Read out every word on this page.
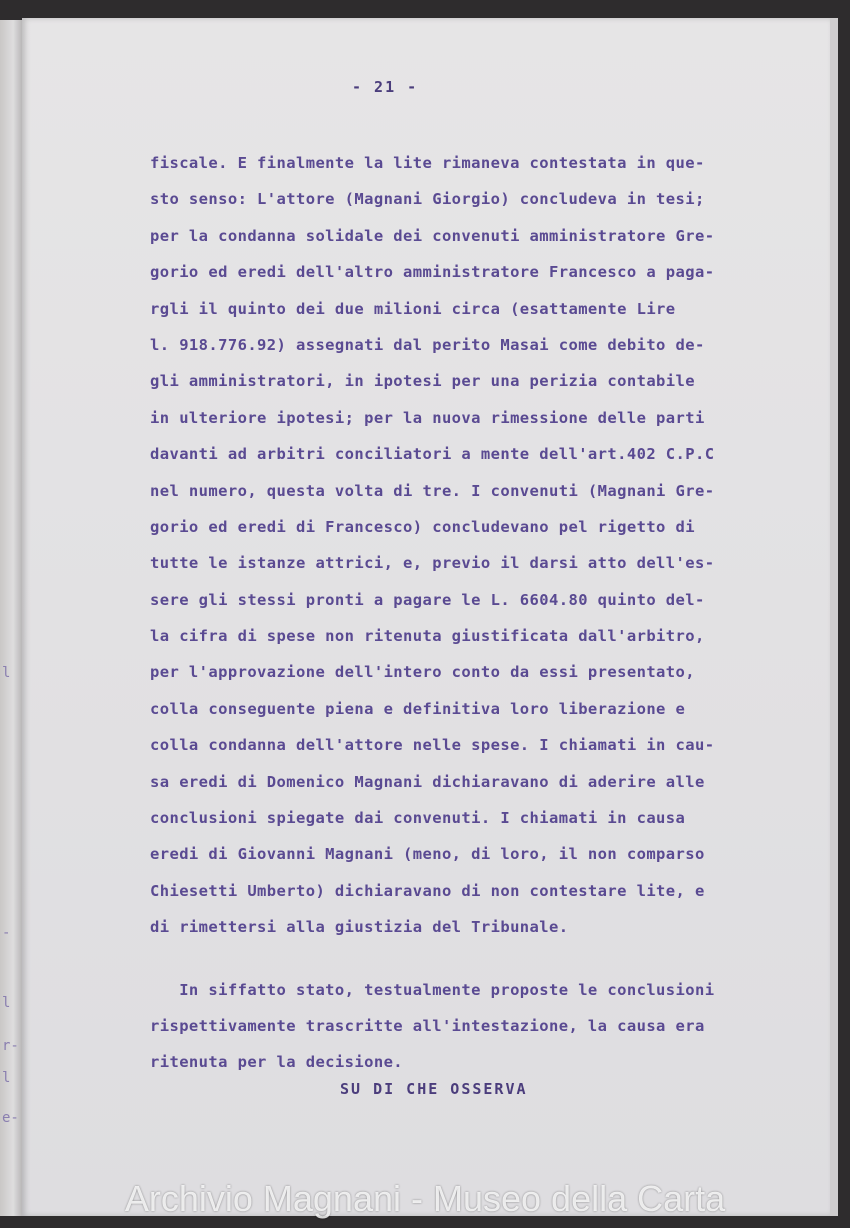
l
-
l
r-
l
e-
- 21 -
fiscale. E finalmente la lite rimaneva contestata in que-
sto senso: L'attore (Magnani Giorgio) concludeva in tesi;
per la condanna solidale dei convenuti amministratore Gre-
gorio ed eredi dell'altro amministratore Francesco a paga-
rgli il quinto dei due milioni circa (esattamente Lire
l. 918.776.92) assegnati dal perito Masai come debito de-
gli amministratori, in ipotesi per una perizia contabile
in ulteriore ipotesi; per la nuova rimessione delle parti
davanti ad arbitri conciliatori a mente dell'art.402 C.P.C
nel numero, questa volta di tre. I convenuti (Magnani Gre-
gorio ed eredi di Francesco) concludevano pel rigetto di
tutte le istanze attrici, e, previo il darsi atto dell'es-
sere gli stessi pronti a pagare le L. 6604.80 quinto del-
la cifra di spese non ritenuta giustificata dall'arbitro,
per l'approvazione dell'intero conto da essi presentato,
colla conseguente piena e definitiva loro liberazione e
colla condanna dell'attore nelle spese. I chiamati in cau-
sa eredi di Domenico Magnani dichiaravano di aderire alle
conclusioni spiegate dai convenuti. I chiamati in causa
eredi di Giovanni Magnani (meno, di loro, il non comparso
Chiesetti Umberto) dichiaravano di non contestare lite, e
di rimettersi alla giustizia del Tribunale.
In siffatto stato, testualmente proposte le conclusioni
rispettivamente trascritte all'intestazione, la causa era
ritenuta per la decisione.
SU DI CHE OSSERVA
Archivio Magnani - Museo della Carta
